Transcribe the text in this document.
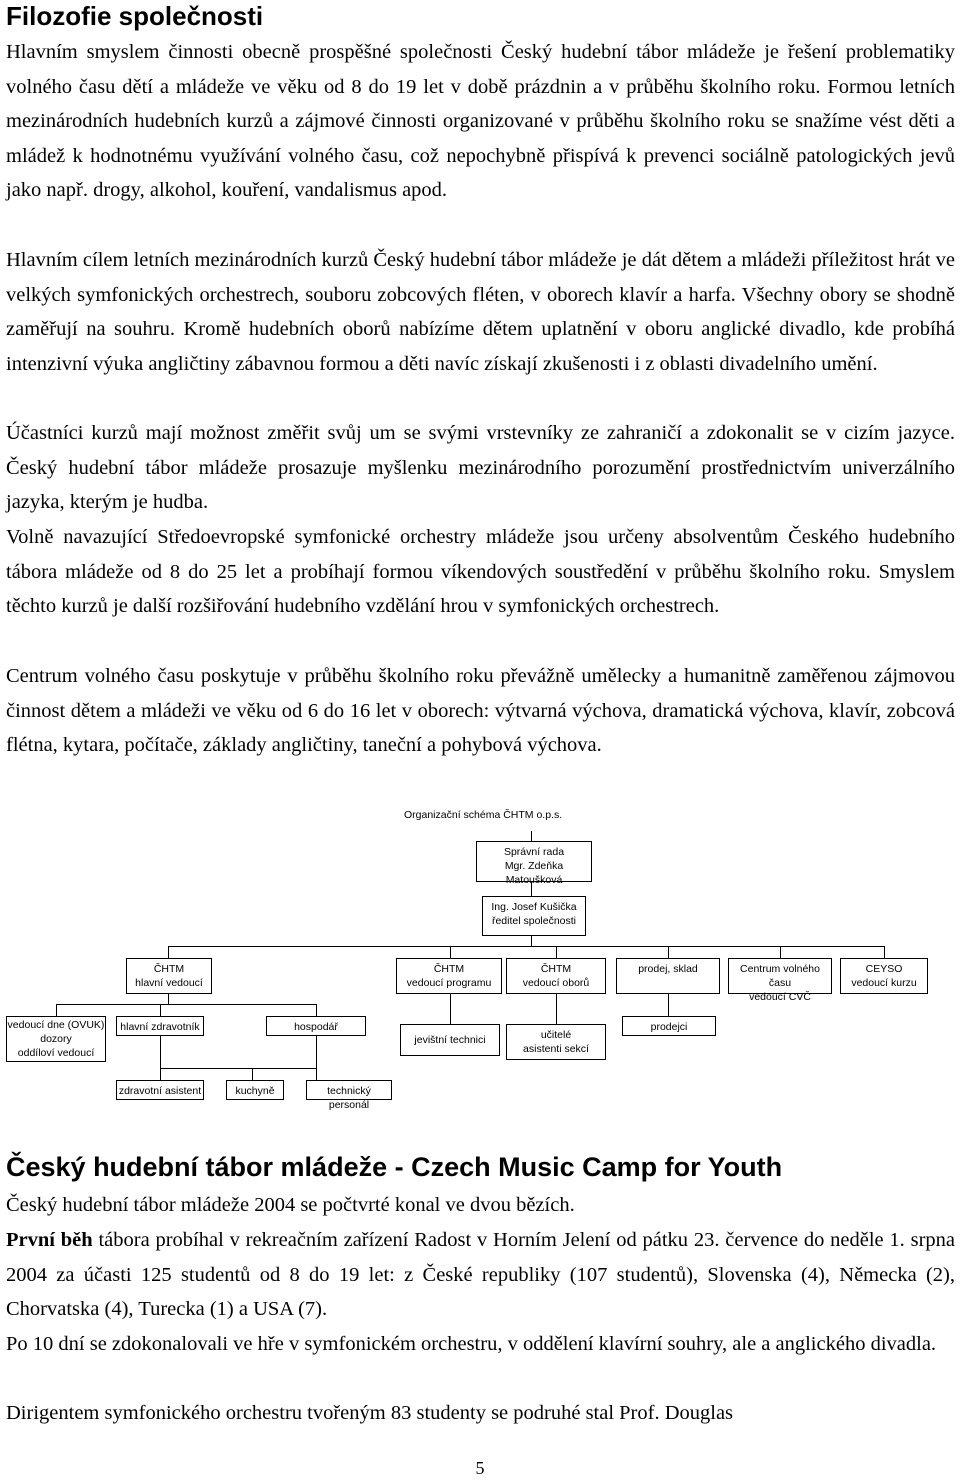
Filozofie společnosti

Hlavním smyslem činnosti obecně prospěšné společnosti Český hudební tábor mládeže je řešení problematiky volného času dětí a mládeže ve věku od 8 do 19 let v době prázdnin a v průběhu školního roku. Formou letních mezinárodních hudebních kurzů a zájmové činnosti organizované v průběhu školního roku se snažíme vést děti a mládež k hodnotnému využívání volného času, což nepochybně přispívá k prevenci sociálně patologických jevů jako např. drogy, alkohol, kouření, vandalismus apod.

Hlavním cílem letních mezinárodních kurzů Český hudební tábor mládeže je dát dětem a mládeži příležitost hrát ve velkých symfonických orchestrech, souboru zobcových fléten, v oborech klavír a harfa. Všechny obory se shodně zaměřují na souhru. Kromě hudebních oborů nabízíme dětem uplatnění v oboru anglické divadlo, kde probíhá intenzivní výuka angličtiny zábavnou formou a děti navíc získají zkušenosti i z oblasti divadelního umění.

Účastníci kurzů mají možnost změřit svůj um se svými vrstevníky ze zahraničí a zdokonalit se v cizím jazyce. Český hudební tábor mládeže prosazuje myšlenku mezinárodního porozumění prostřednictvím univerzálního jazyka, kterým je hudba.

Volně navazující Středoevropské symfonické orchestry mládeže jsou určeny absolventům Českého hudebního tábora mládeže od 8 do 25 let a probíhají formou víkendových soustředění v průběhu školního roku. Smyslem těchto kurzů je další rozšiřování hudebního vzdělání hrou v symfonických orchestrech.

Centrum volného času poskytuje v průběhu školního roku převážně umělecky a humanitně zaměřenou zájmovou činnost dětem a mládeži ve věku od 6 do 16 let v oborech: výtvarná výchova, dramatická výchova, klavír, zobcová flétna, kytara, počítače, základy angličtiny, taneční a pohybová výchova.

Organizační schéma ČHTM o.p.s.
Správní rada
Mgr. Zdeňka Matoušková
Ing. Josef Kušička
ředitel společnosti
ČHTM
hlavní vedoucí
ČHTM
vedoucí programu
ČHTM
vedoucí oborů
prodej, sklad	Centrum volného času
vedoucí CVČ
CEYSO
vedoucí kurzu
vedoucí dne (OVUK)
dozory
oddíloví vedoucí
hlavní zdravotník	hospodář
jevištní technici	učitelé
asistenti sekcí
prodejci
zdravotní asistent	kuchyně	technický personál
Český hudební tábor mládeže - Czech Music Camp for Youth

Český hudební tábor mládeže 2004 se počtvrté konal ve dvou bězích.

První běh tábora probíhal v rekreačním zařízení Radost v Horním Jelení od pátku 23. července do neděle 1. srpna 2004 za účasti 125 studentů od 8 do 19 let: z České republiky (107 studentů), Slovenska (4), Německa (2), Chorvatska (4), Turecka (1) a USA (7).

Po 10 dní se zdokonalovali ve hře v symfonickém orchestru, v oddělení klavírní souhry, ale a anglického divadla.

Dirigentem symfonického orchestru tvořeným 83 studenty se podruhé stal Prof. Douglas

5
